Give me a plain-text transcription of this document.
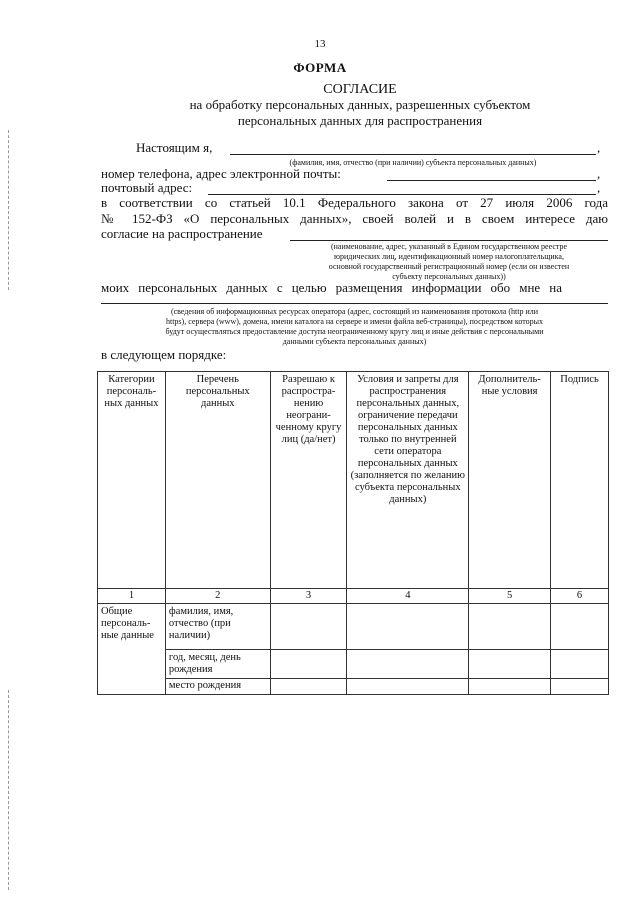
13
ФОРМА
СОГЛАСИЕ
на обработку персональных данных, разрешенных субъектом
персональных данных для распространения
Настоящим я,	,
(фамилия, имя, отчество (при наличии) субъекта персональных данных)
номер телефона, адрес электронной почты:	,
почтовый адрес:	,
в соответствии со статьей 10.1 Федерального закона от 27 июля 2006 года
№ 152-ФЗ «О персональных данных», своей волей и в своем интересе даю
согласие на распространение
(наименование, адрес, указанный в Едином государственном реестре
юридических лиц, идентификационный номер налогоплательщика,
основной государственный регистрационный номер (если он известен
субъекту персональных данных))
моих персональных данных с целью размещения информации обо мне на
(сведения об информационных ресурсах оператора (адрес, состоящий из наименования протокола (http или
https), сервера (www), домена, имени каталога на сервере и имени файла веб-страницы), посредством которых
будут осуществляться предоставление доступа неограниченному кругу лиц и иные действия с персональными
данными субъекта персональных данных)
в следующем порядке:
Категории персональ-ных данных	Перечень персональных данных	Разрешаю к распростра-нению неограни-ченному кругу лиц (да/нет)	Условия и запреты для распространения персональных данных, ограничение передачи персональных данных только по внутренней сети оператора персональных данных (заполняется по желанию субъекта персональных данных)	Дополнитель-ные условия	Подпись
1	2	3	4	5	6
Общие персональ-ные данные	фамилия, имя, отчество (при наличии)				
	год, месяц, день рождения				
	место рождения				
